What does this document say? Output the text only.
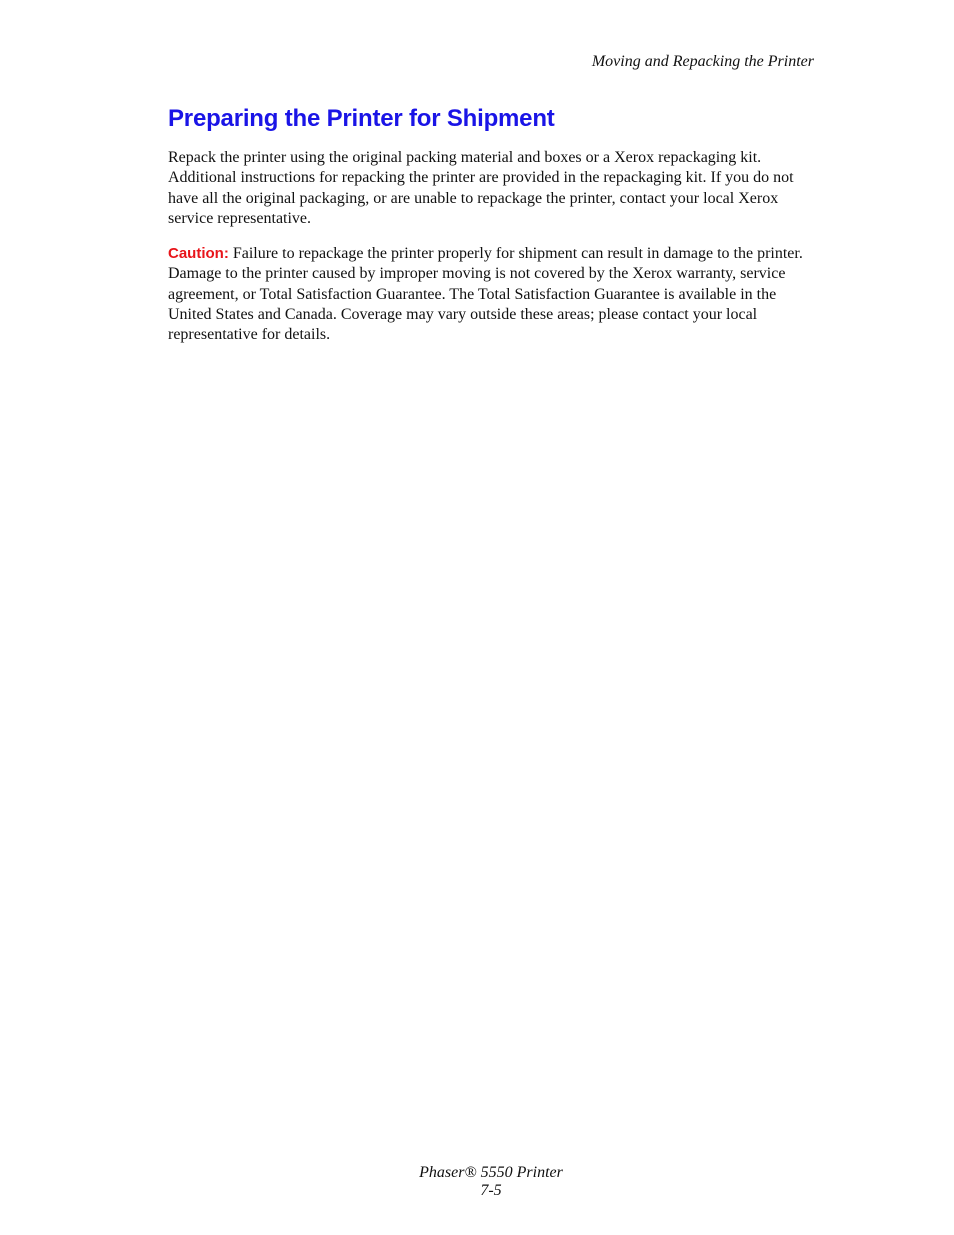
Moving and Repacking the Printer
Preparing the Printer for Shipment

Repack the printer using the original packing material and boxes or a Xerox repackaging kit. Additional instructions for repacking the printer are provided in the repackaging kit. If you do not have all the original packaging, or are unable to repackage the printer, contact your local Xerox service representative.

Caution: Failure to repackage the printer properly for shipment can result in damage to the printer. Damage to the printer caused by improper moving is not covered by the Xerox warranty, service agreement, or Total Satisfaction Guarantee. The Total Satisfaction Guarantee is available in the United States and Canada. Coverage may vary outside these areas; please contact your local representative for details.

Phaser® 5550 Printer
7-5
